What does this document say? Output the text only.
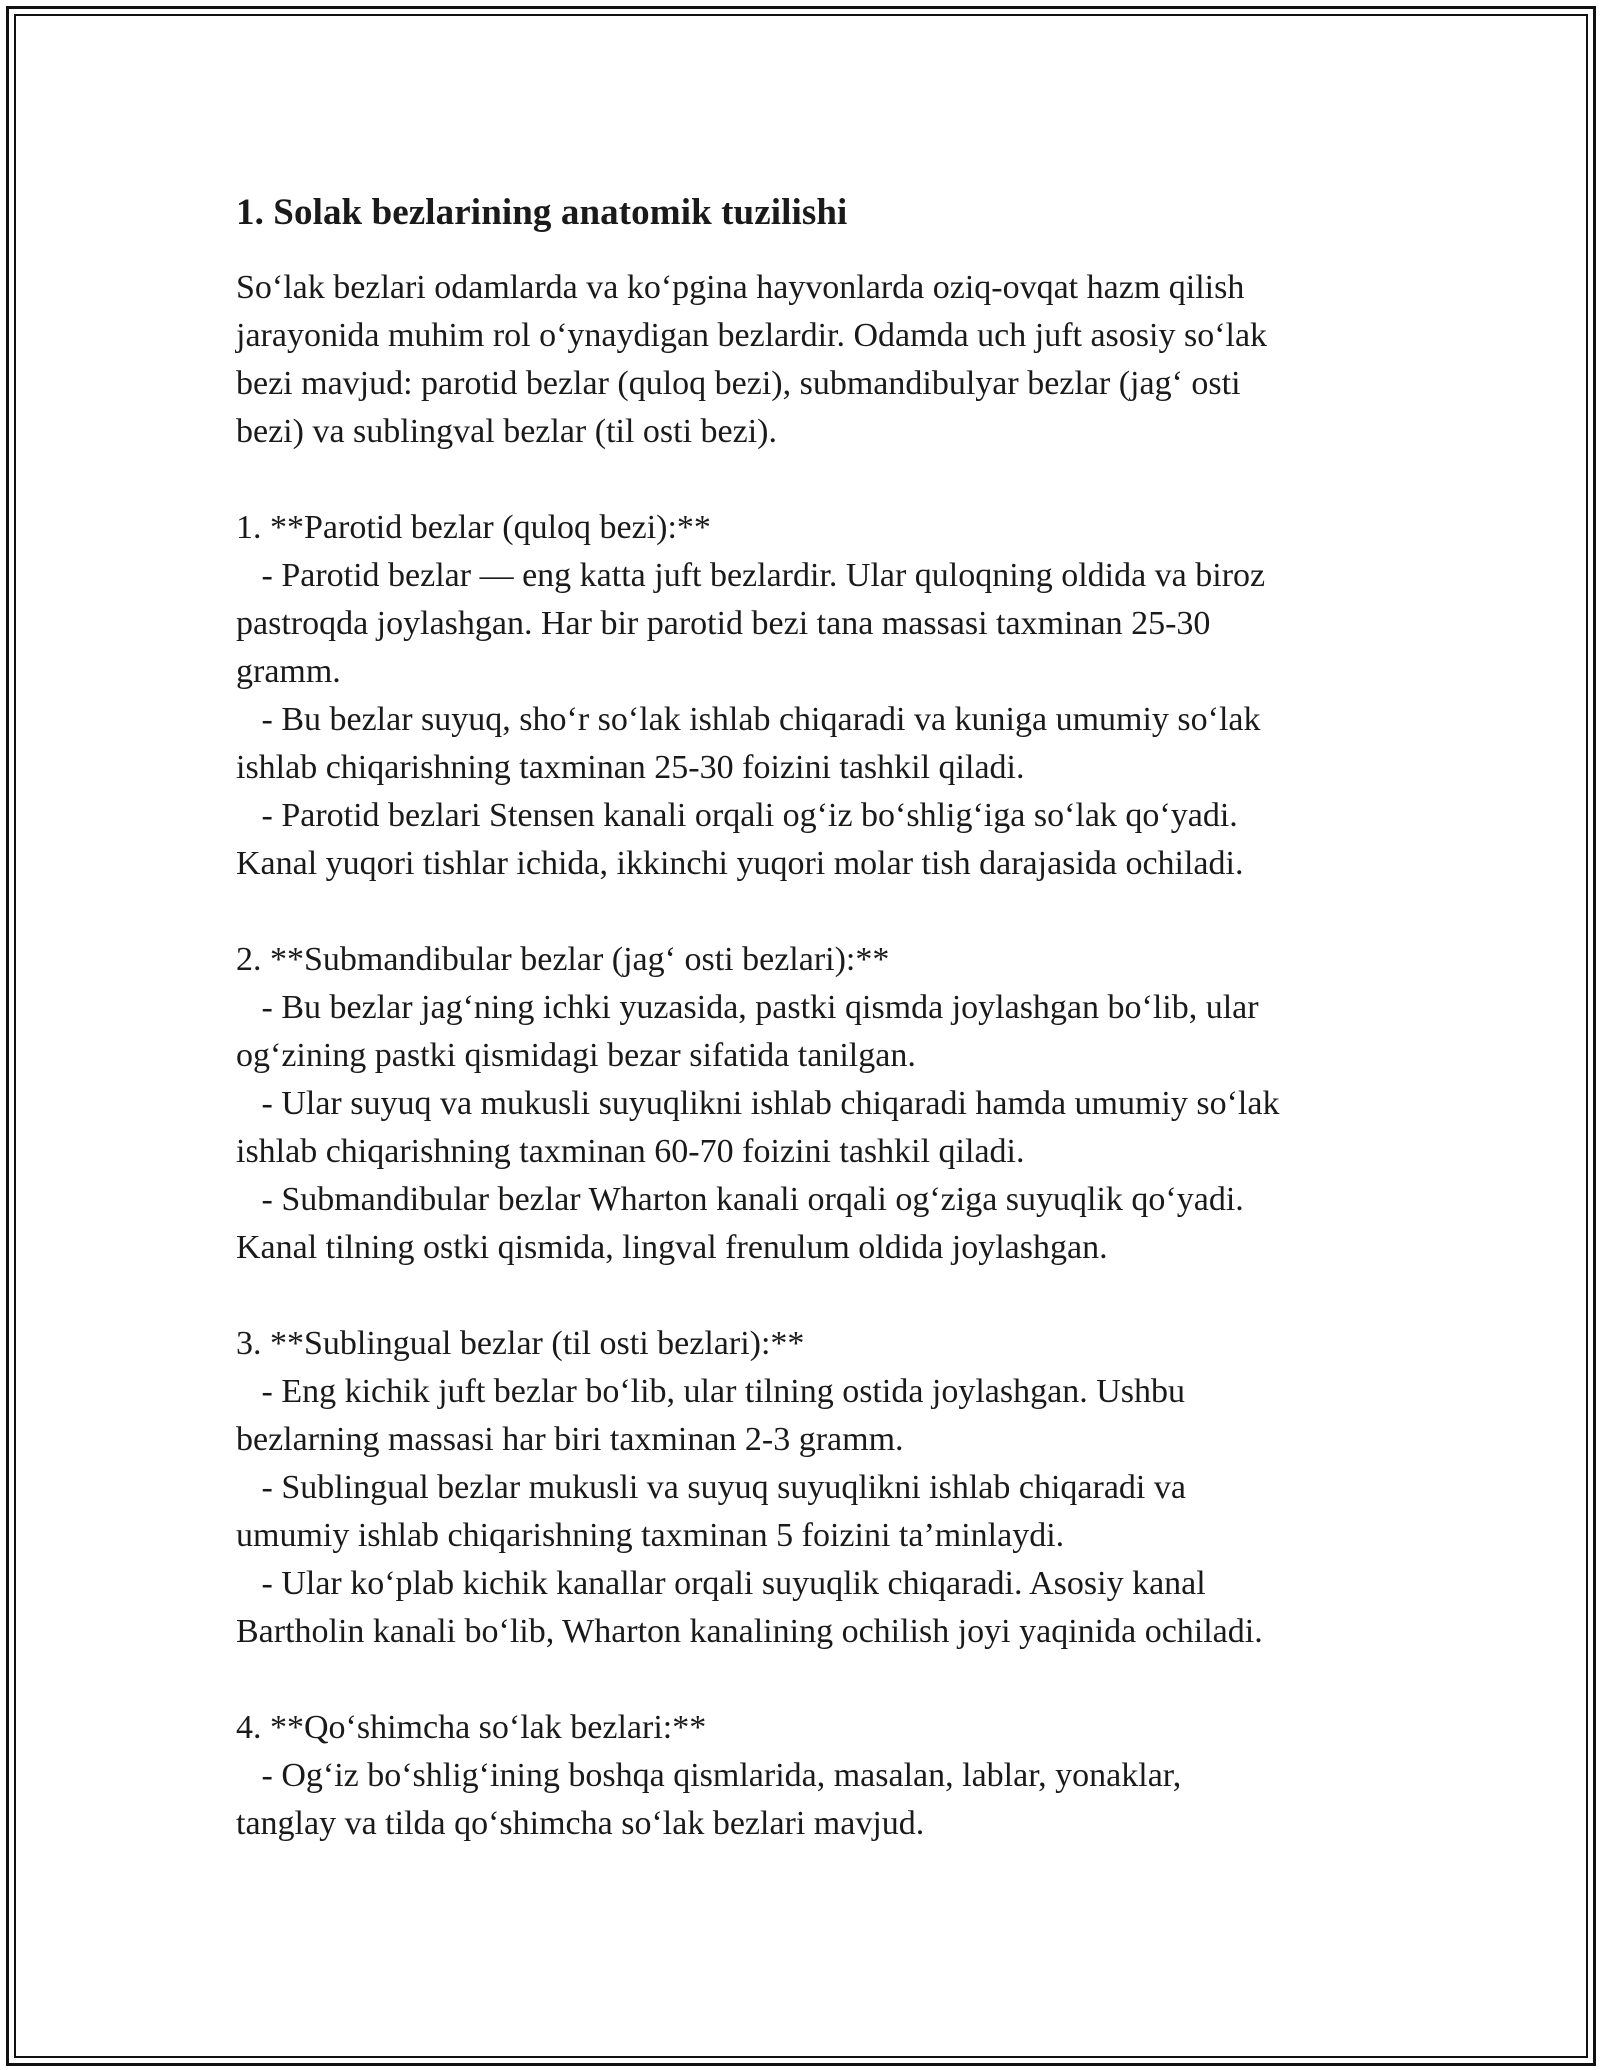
1. Solak bezlarining anatomik tuzilishi

So‘lak bezlari odamlarda va ko‘pgina hayvonlarda oziq-ovqat hazm qilish
jarayonida muhim rol o‘ynaydigan bezlardir. Odamda uch juft asosiy so‘lak
bezi mavjud: parotid bezlar (quloq bezi), submandibulyar bezlar (jag‘ osti
bezi) va sublingval bezlar (til osti bezi).

1. **Parotid bezlar (quloq bezi):**
- Parotid bezlar — eng katta juft bezlardir. Ular quloqning oldida va biroz
pastroqda joylashgan. Har bir parotid bezi tana massasi taxminan 25-30
gramm.
- Bu bezlar suyuq, sho‘r so‘lak ishlab chiqaradi va kuniga umumiy so‘lak
ishlab chiqarishning taxminan 25-30 foizini tashkil qiladi.
- Parotid bezlari Stensen kanali orqali og‘iz bo‘shlig‘iga so‘lak qo‘yadi.
Kanal yuqori tishlar ichida, ikkinchi yuqori molar tish darajasida ochiladi.

2. **Submandibular bezlar (jag‘ osti bezlari):**
- Bu bezlar jag‘ning ichki yuzasida, pastki qismda joylashgan bo‘lib, ular
og‘zining pastki qismidagi bezar sifatida tanilgan.
- Ular suyuq va mukusli suyuqlikni ishlab chiqaradi hamda umumiy so‘lak
ishlab chiqarishning taxminan 60-70 foizini tashkil qiladi.
- Submandibular bezlar Wharton kanali orqali og‘ziga suyuqlik qo‘yadi.
Kanal tilning ostki qismida, lingval frenulum oldida joylashgan.

3. **Sublingual bezlar (til osti bezlari):**
- Eng kichik juft bezlar bo‘lib, ular tilning ostida joylashgan. Ushbu
bezlarning massasi har biri taxminan 2-3 gramm.
- Sublingual bezlar mukusli va suyuq suyuqlikni ishlab chiqaradi va
umumiy ishlab chiqarishning taxminan 5 foizini ta’minlaydi.
- Ular ko‘plab kichik kanallar orqali suyuqlik chiqaradi. Asosiy kanal
Bartholin kanali bo‘lib, Wharton kanalining ochilish joyi yaqinida ochiladi.

4. **Qo‘shimcha so‘lak bezlari:**
- Og‘iz bo‘shlig‘ining boshqa qismlarida, masalan, lablar, yonaklar,
tanglay va tilda qo‘shimcha so‘lak bezlari mavjud.
